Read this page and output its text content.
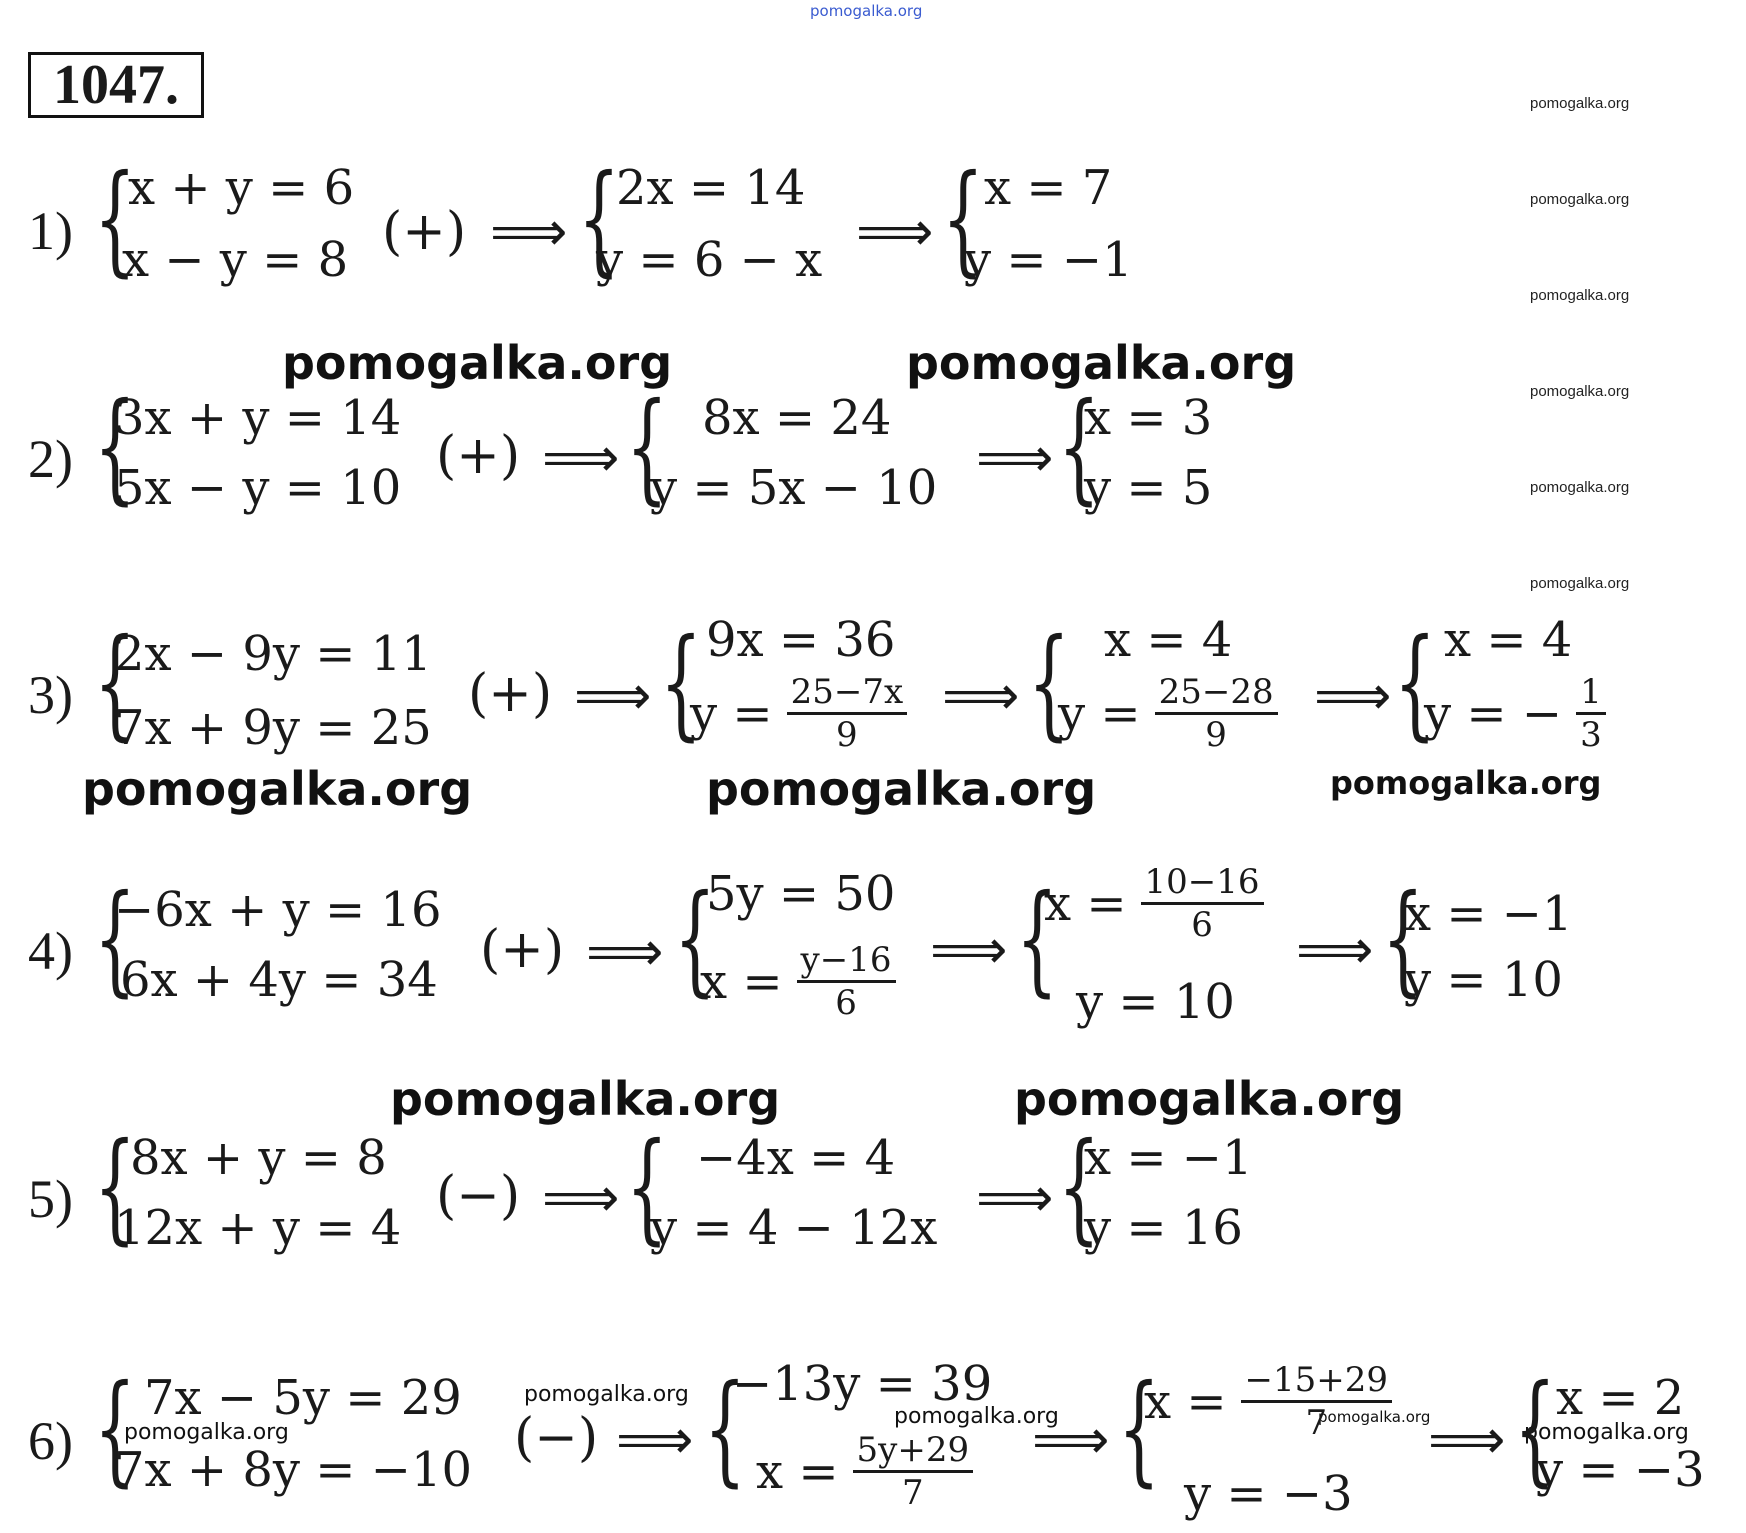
pomogalka.org
1047.	pomogalka.org
pomogalka.org
pomogalka.org
pomogalka.org
pomogalka.org
pomogalka.org
pomogalka.org	pomogalka.org
pomogalka.org	pomogalka.org	pomogalka.org
pomogalka.org	pomogalka.org
pomogalka.org
pomogalka.org
pomogalka.org	pomogalka.org
pomogalka.org
1) {
x + y = 6
x − y = 8 (+) ⟹ {
2x = 14
y = 6 − x ⟹ { x = 7
y = −1
2) {
3x + y = 14
5x − y = 10
(+) ⟹ { 8x = 24
y = 5x − 10 ⟹ {
x = 3
y = 5
3) {
2x − 9y = 11
7x + 9y = 25
(+) ⟹ { 9x = 36
$y = \frac{25-7x}{9}$ ⟹ { x = 4
$y = \frac{25-28}{9}$ ⟹ { x = 4
y = − $\frac{1}{3}$
4) {
−6x + y = 16
6x + 4y = 34 (+) ⟹ {
5y = 50
$x = \frac{y-16}{6}$ ⟹ {
$x = \frac{10-16}{6}$
y = 10
⟹ {
x = −1
y = 10
5) {
8x + y = 8
12x + y = 4
(−) ⟹ { −4x = 4
y = 4 − 12x ⟹ {
x = −1
y = 16
6) { 7x − 5y = 29
7x + 8y = −10
(−) ⟹ {
−13y = 39
$x = \frac{5y+29}{7}$ ⟹ {
$x = \frac{-15+29}{7}$
y = −3
⟹ { x = 2
y = −3
